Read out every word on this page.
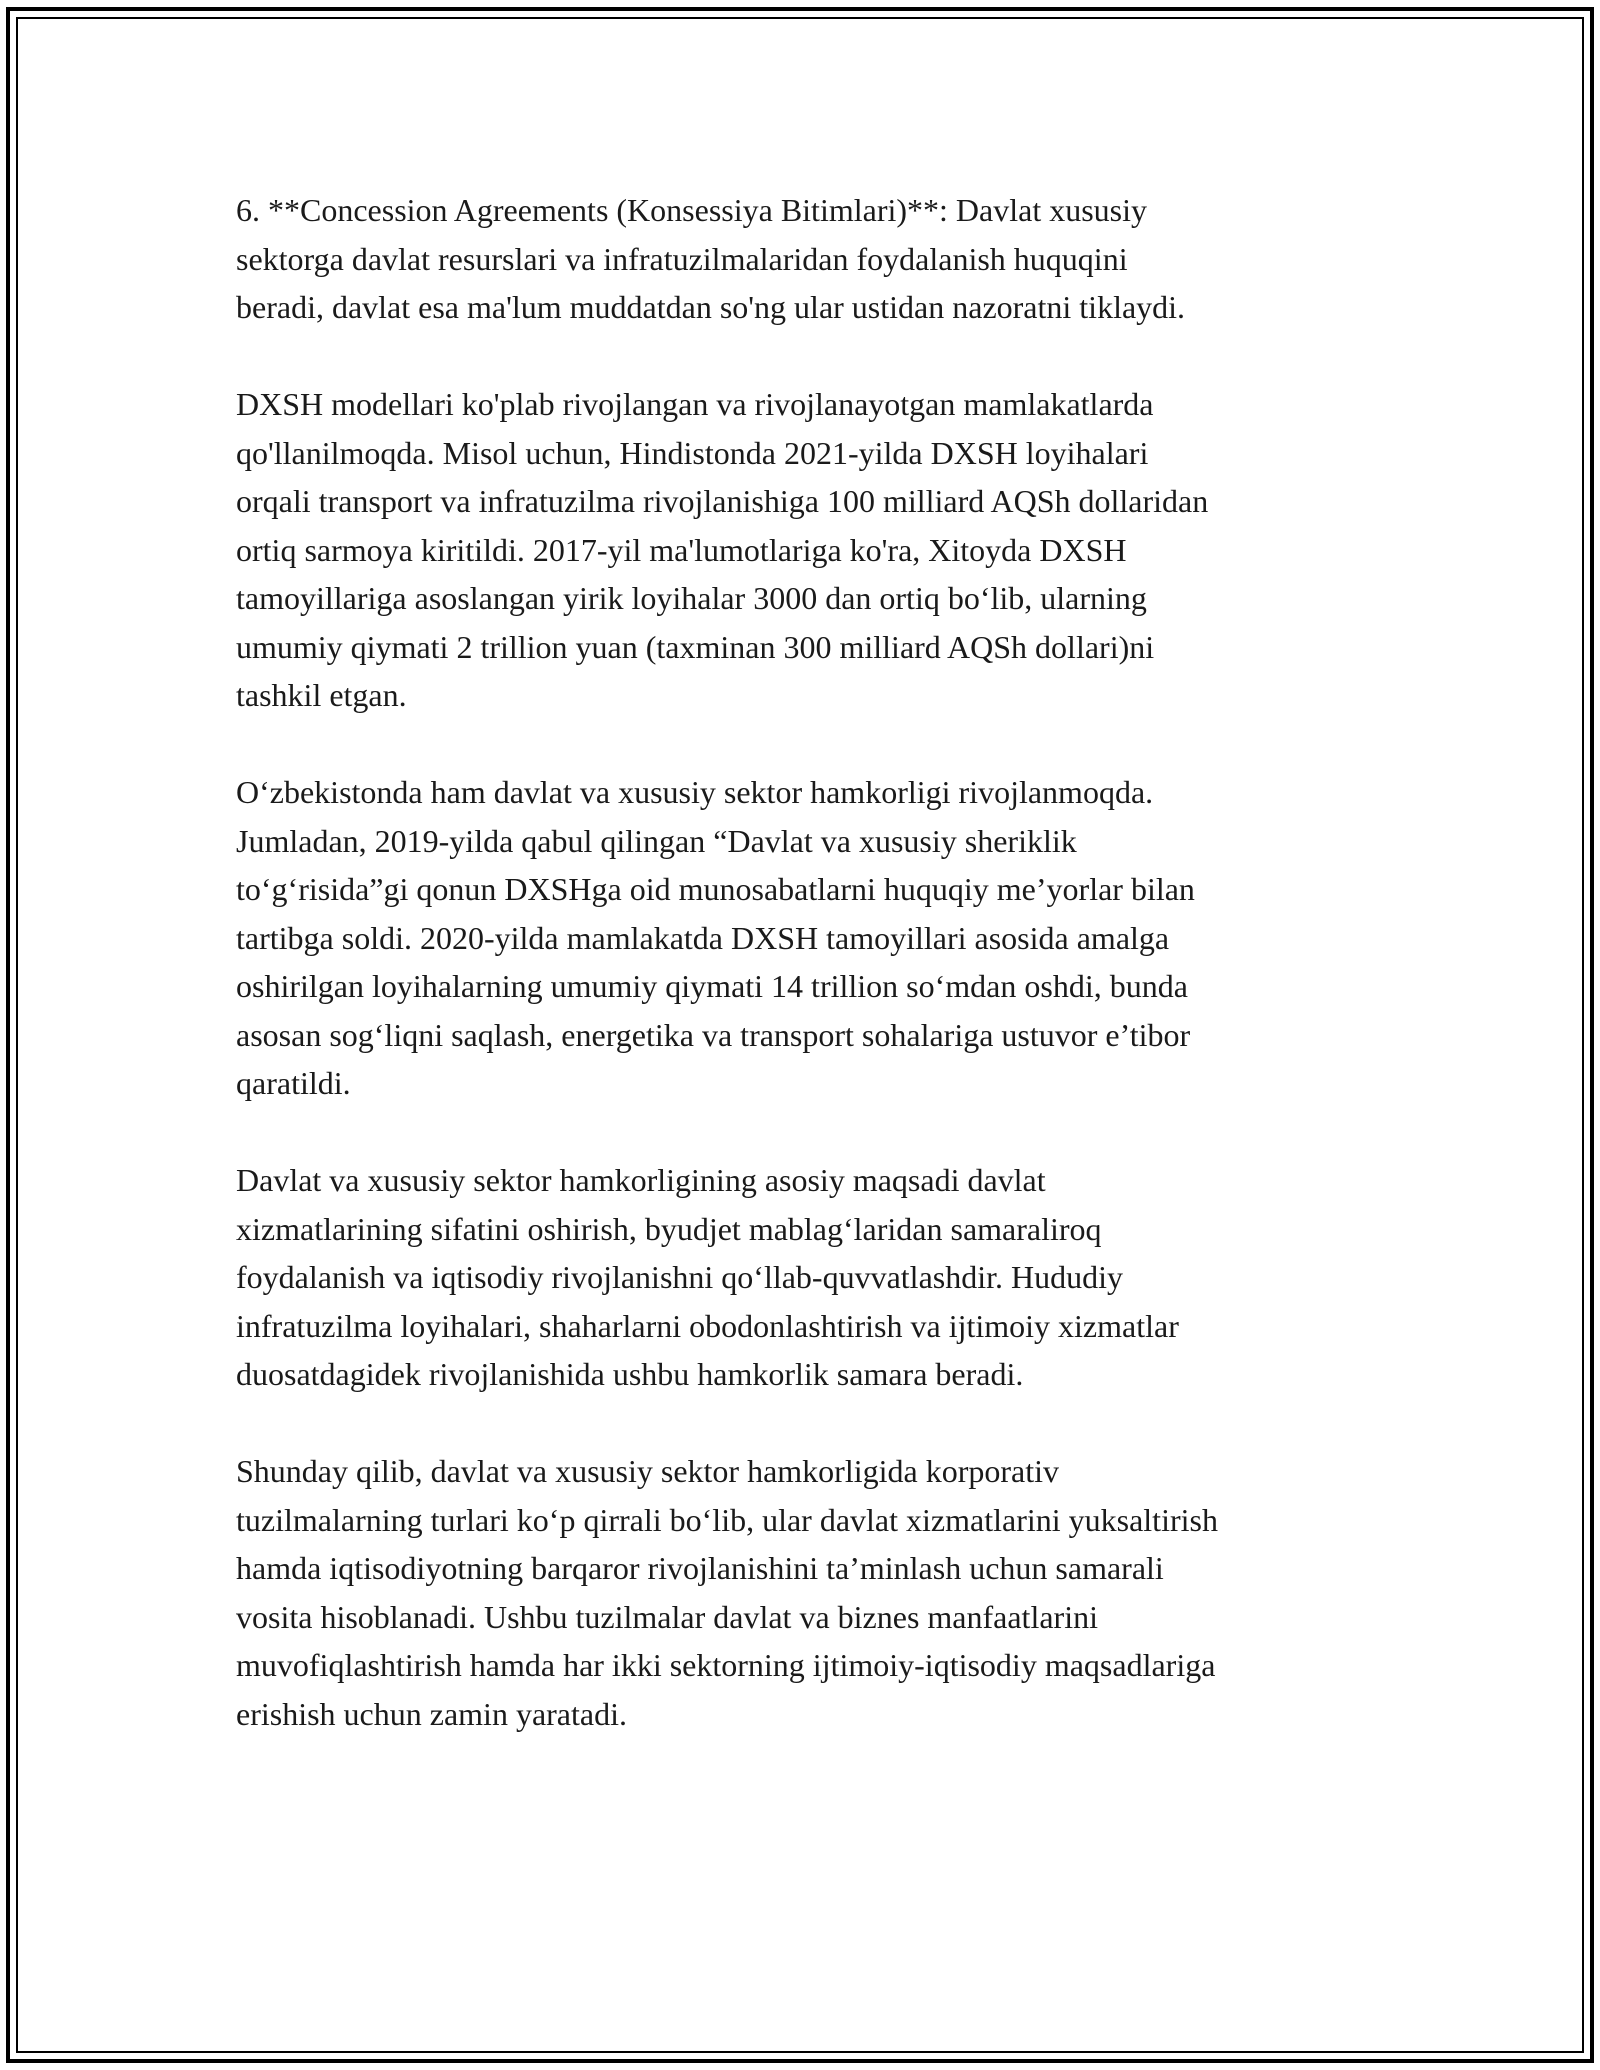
6. **Concession Agreements (Konsessiya Bitimlari)**: Davlat xususiy
sektorga davlat resurslari va infratuzilmalaridan foydalanish huquqini
beradi, davlat esa ma'lum muddatdan so'ng ular ustidan nazoratni tiklaydi.

DXSH modellari ko'plab rivojlangan va rivojlanayotgan mamlakatlarda
qo'llanilmoqda. Misol uchun, Hindistonda 2021-yilda DXSH loyihalari
orqali transport va infratuzilma rivojlanishiga 100 milliard AQSh dollaridan
ortiq sarmoya kiritildi. 2017-yil ma'lumotlariga ko'ra, Xitoyda DXSH
tamoyillariga asoslangan yirik loyihalar 3000 dan ortiq bo‘lib, ularning
umumiy qiymati 2 trillion yuan (taxminan 300 milliard AQSh dollari)ni
tashkil etgan.

O‘zbekistonda ham davlat va xususiy sektor hamkorligi rivojlanmoqda.
Jumladan, 2019-yilda qabul qilingan “Davlat va xususiy sheriklik
to‘g‘risida”gi qonun DXSHga oid munosabatlarni huquqiy me’yorlar bilan
tartibga soldi. 2020-yilda mamlakatda DXSH tamoyillari asosida amalga
oshirilgan loyihalarning umumiy qiymati 14 trillion so‘mdan oshdi, bunda
asosan sog‘liqni saqlash, energetika va transport sohalariga ustuvor e’tibor
qaratildi.

Davlat va xususiy sektor hamkorligining asosiy maqsadi davlat
xizmatlarining sifatini oshirish, byudjet mablag‘laridan samaraliroq
foydalanish va iqtisodiy rivojlanishni qo‘llab-quvvatlashdir. Hududiy
infratuzilma loyihalari, shaharlarni obodonlashtirish va ijtimoiy xizmatlar
duosatdagidek rivojlanishida ushbu hamkorlik samara beradi.

Shunday qilib, davlat va xususiy sektor hamkorligida korporativ
tuzilmalarning turlari ko‘p qirrali bo‘lib, ular davlat xizmatlarini yuksaltirish
hamda iqtisodiyotning barqaror rivojlanishini ta’minlash uchun samarali
vosita hisoblanadi. Ushbu tuzilmalar davlat va biznes manfaatlarini
muvofiqlashtirish hamda har ikki sektorning ijtimoiy-iqtisodiy maqsadlariga
erishish uchun zamin yaratadi.
